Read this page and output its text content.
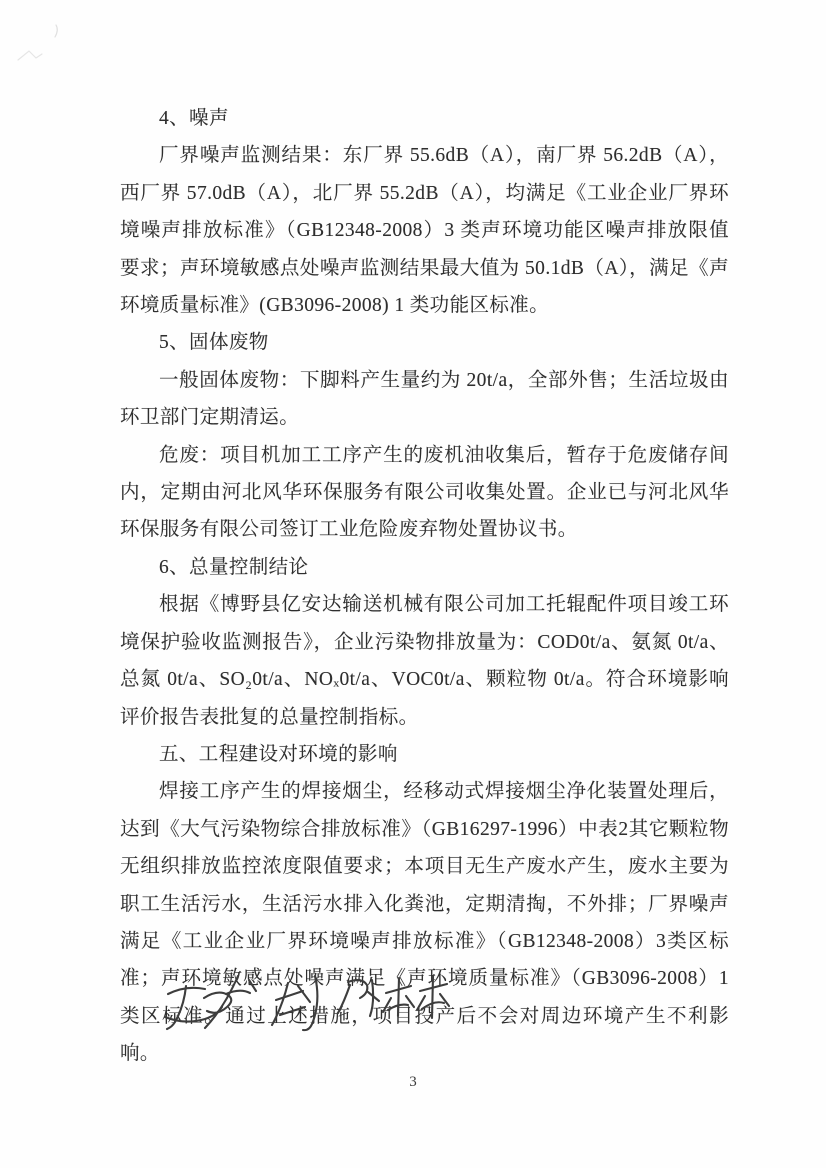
4、噪声

厂界噪声监测结果：东厂界 55.6dB（A），南厂界 56.2dB（A），西厂界 57.0dB（A），北厂界 55.2dB（A），均满足《工业企业厂界环境噪声排放标准》（GB12348-2008）3 类声环境功能区噪声排放限值要求；声环境敏感点处噪声监测结果最大值为 50.1dB（A），满足《声环境质量标准》(GB3096-2008) 1 类功能区标准。

5、固体废物

一般固体废物：下脚料产生量约为 20t/a，全部外售；生活垃圾由环卫部门定期清运。

危废：项目机加工工序产生的废机油收集后，暂存于危废储存间内，定期由河北风华环保服务有限公司收集处置。企业已与河北风华环保服务有限公司签订工业危险废弃物处置协议书。

6、总量控制结论

根据《博野县亿安达输送机械有限公司加工托辊配件项目竣工环境保护验收监测报告》，企业污染物排放量为：COD0t/a、氨氮 0t/a、总氮 0t/a、SO₂0t/a、NOₓ0t/a、VOC0t/a、颗粒物 0t/a。符合环境影响评价报告表批复的总量控制指标。

五、工程建设对环境的影响

焊接工序产生的焊接烟尘，经移动式焊接烟尘净化装置处理后，达到《大气污染物综合排放标准》（GB16297-1996）中表2其它颗粒物无组织排放监控浓度限值要求；本项目无生产废水产生，废水主要为职工生活污水，生活污水排入化粪池，定期清掏，不外排；厂界噪声满足《工业企业厂界环境噪声排放标准》（GB12348-2008）3类区标准；声环境敏感点处噪声满足《声环境质量标准》（GB3096-2008）1类区标准。通过上述措施，项目投产后不会对周边环境产生不利影响。

3
